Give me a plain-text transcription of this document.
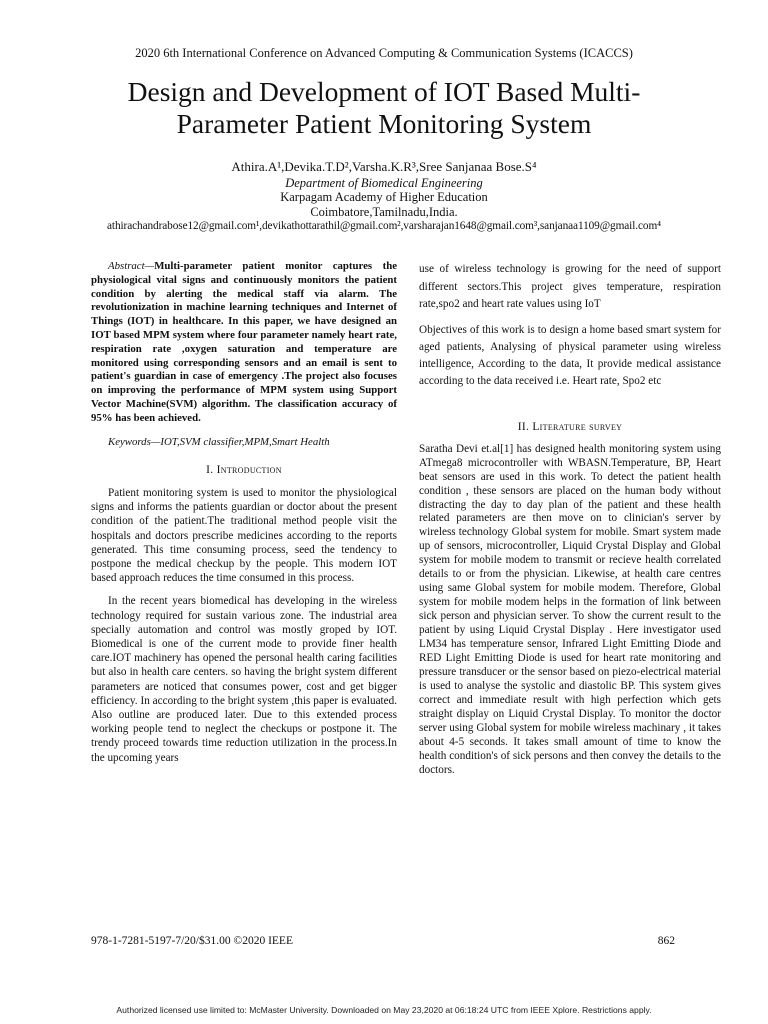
2020 6th International Conference on Advanced Computing & Communication Systems (ICACCS)
Design and Development of IOT Based Multi-
Parameter Patient Monitoring System
Athira.A¹,Devika.T.D²,Varsha.K.R³,Sree Sanjanaa Bose.S⁴
Department of Biomedical Engineering
Karpagam Academy of Higher Education
Coimbatore,Tamilnadu,India.
athirachandrabose12@gmail.com¹,devikathottarathil@gmail.com²,varsharajan1648@gmail.com³,sanjanaa1109@gmail.com⁴

Abstract—Multi-parameter patient monitor captures the physiological vital signs and continuously monitors the patient condition by alerting the medical staff via alarm. The revolutionization in machine learning techniques and Internet of Things (IOT) in healthcare. In this paper, we have designed an IOT based MPM system where four parameter namely heart rate, respiration rate ,oxygen saturation and temperature are monitored using corresponding sensors and an email is sent to patient's guardian in case of emergency .The project also focuses on improving the performance of MPM system using Support Vector Machine(SVM) algorithm. The classification accuracy of 95% has been achieved.

Keywords—IOT,SVM classifier,MPM,Smart Health

I. Introduction

Patient monitoring system is used to monitor the physiological signs and informs the patients guardian or doctor about the present condition of the patient.The traditional method people visit the hospitals and doctors prescribe medicines according to the reports generated. This time consuming process, seed the tendency to postpone the medical checkup by the people. This modern IOT based approach reduces the time consumed in this process.

In the recent years biomedical has developing in the wireless technology required for sustain various zone. The industrial area specially automation and control was mostly groped by IOT. Biomedical is one of the current mode to provide finer health care.IOT machinery has opened the personal health caring facilities but also in health care centers. so having the bright system different parameters are noticed that consumes power, cost and get bigger efficiency. In according to the bright system ,this paper is evaluated. Also outline are produced later. Due to this extended process working people tend to neglect the checkups or postpone it. The trendy proceed towards time reduction utilization in the process.In the upcoming years

use of wireless technology is growing for the need of support different sectors.This project gives temperature, respiration rate,spo2 and heart rate values using IoT

Objectives of this work is to design a home based smart system for aged patients, Analysing of physical parameter using wireless intelligence, According to the data, It provide medical assistance according to the data received i.e. Heart rate, Spo2 etc

II. Literature survey

Saratha Devi et.al[1] has designed health monitoring system using ATmega8 microcontroller with WBASN.Temperature, BP, Heart beat sensors are used in this work. To detect the patient health condition , these sensors are placed on the human body without distracting the day to day plan of the patient and these health related parameters are then move on to clinician's server by wireless technology Global system for mobile. Smart system made up of sensors, microcontroller, Liquid Crystal Display and Global system for mobile modem to transmit or recieve health correlated details to or from the physician. Likewise, at health care centres using same Global system for mobile modem. Therefore, Global system for mobile modem helps in the formation of link between sick person and physician server. To show the current result to the patient by using Liquid Crystal Display . Here investigator used LM34 has temperature sensor, Infrared Light Emitting Diode and RED Light Emitting Diode is used for heart rate monitoring and pressure transducer or the sensor based on piezo-electrical material is used to analyse the systolic and diastolic BP. This system gives correct and immediate result with high perfection which gets straight display on Liquid Crystal Display. To monitor the doctor server using Global system for mobile wireless machinary , it takes about 4-5 seconds. It takes small amount of time to know the health condition's of sick persons and then convey the details to the doctors.

978-1-7281-5197-7/20/$31.00 ©2020 IEEE	862
Authorized licensed use limited to: McMaster University. Downloaded on May 23,2020 at 06:18:24 UTC from IEEE Xplore. Restrictions apply.
